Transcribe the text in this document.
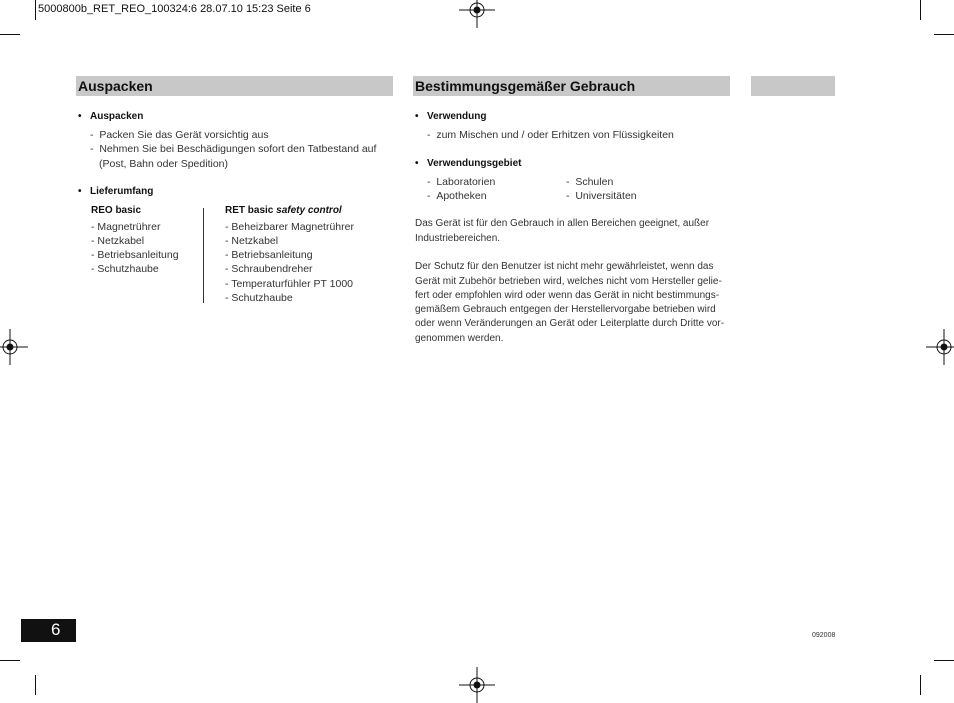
5000800b_RET_REO_100324:6 28.07.10 15:23 Seite 6
Auspacken	Bestimmungsgemäßer Gebrauch
• Auspacken
-  Packen Sie das Gerät vorsichtig aus
-  Nehmen Sie bei Beschädigungen sofort den Tatbestand auf
(Post, Bahn oder Spedition)
• Lieferumfang
REO basic
- Magnetrührer
- Netzkabel
- Betriebsanleitung
- Schutzhaube
RET basic safety control
- Beheizbarer Magnetrührer
- Netzkabel
- Betriebsanleitung
- Schraubendreher
- Temperaturfühler PT 1000
- Schutzhaube
• Verwendung
-  zum Mischen und / oder Erhitzen von Flüssigkeiten
• Verwendungsgebiet
-  Laboratorien
-  Apotheken
-  Schulen
-  Universitäten
Das Gerät ist für den Gebrauch in allen Bereichen geeignet, außer
Industriebereichen.
Der Schutz für den Benutzer ist nicht mehr gewährleistet, wenn das
Gerät mit Zubehör betrieben wird, welches nicht vom Hersteller gelie-
fert oder empfohlen wird oder wenn das Gerät in nicht bestimmungs-
gemäßem Gebrauch entgegen der Herstellervorgabe betrieben wird
oder wenn Veränderungen an Gerät oder Leiterplatte durch Dritte vor-
genommen werden.
6	092008
